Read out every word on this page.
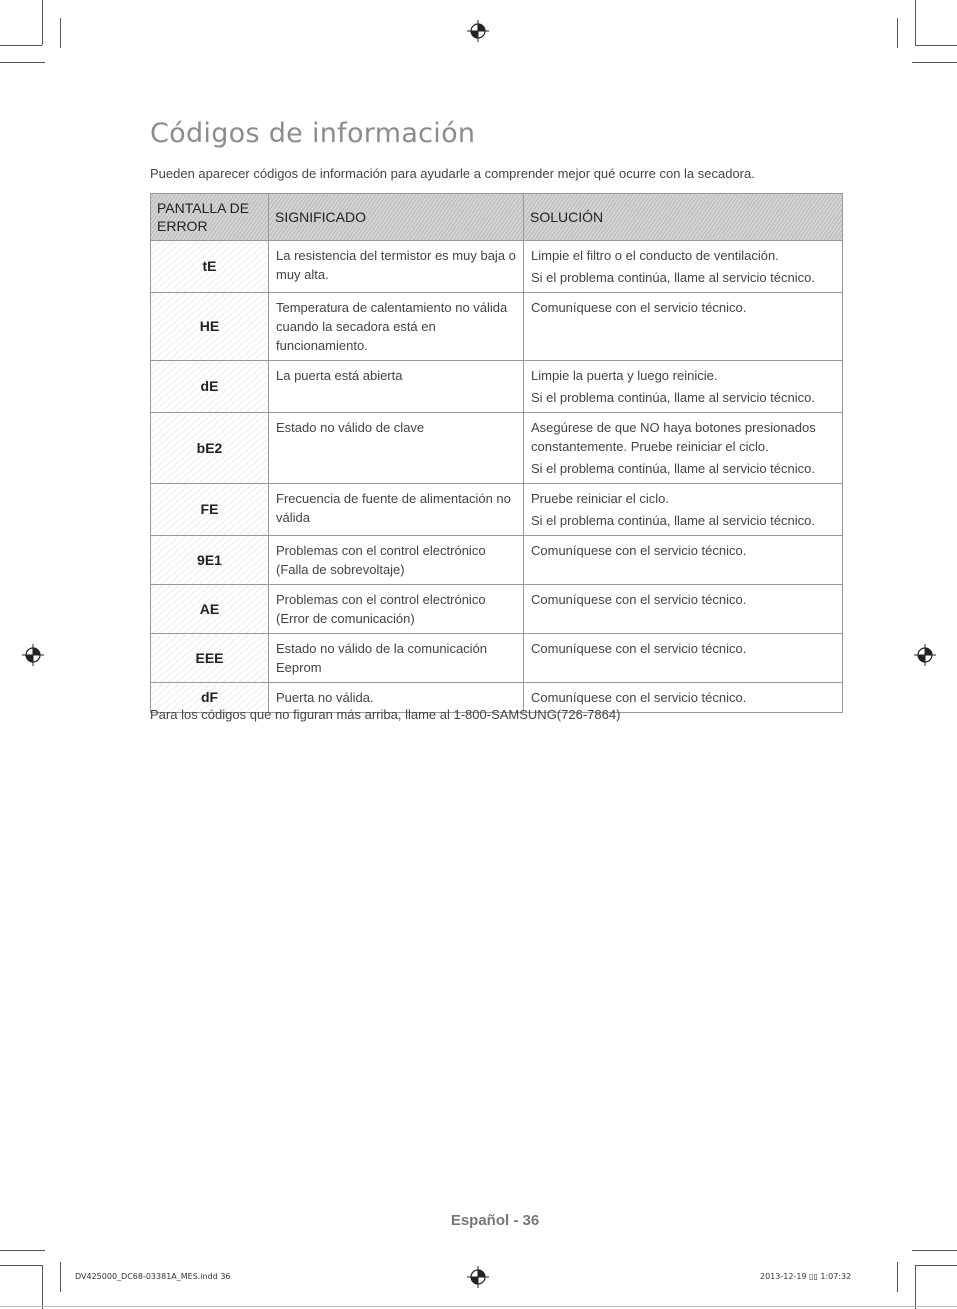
Códigos de información

Pueden aparecer códigos de información para ayudarle a comprender mejor qué ocurre con la secadora.

PANTALLA DE ERROR	SIGNIFICADO	SOLUCIÓN
tE	La resistencia del termistor es muy baja o muy alta.	Limpie el filtro o el conducto de ventilación.
Si el problema continúa, llame al servicio técnico.

HE	Temperatura de calentamiento no válida cuando la secadora está en funcionamiento.	Comuníquese con el servicio técnico.

dE	La puerta está abierta	Limpie la puerta y luego reinicie.
Si el problema continúa, llame al servicio técnico.

bE2	Estado no válido de clave	Asegúrese de que NO haya botones presionados constantemente. Pruebe reiniciar el ciclo.
Si el problema continúa, llame al servicio técnico.

FE	Frecuencia de fuente de alimentación no válida	Pruebe reiniciar el ciclo.
Si el problema continúa, llame al servicio técnico.

9E1	Problemas con el control electrónico (Falla de sobrevoltaje)	Comuníquese con el servicio técnico.

AE	Problemas con el control electrónico (Error de comunicación)	Comuníquese con el servicio técnico.

EEE	Estado no válido de la comunicación Eeprom	Comuníquese con el servicio técnico.

dF	Puerta no válida.	Comuníquese con el servicio técnico.

Para los códigos que no figuran más arriba, llame al 1-800-SAMSUNG(726-7864)

Español - 36
DV425000_DC68-03381A_MES.indd 36	2013-12-19 ▯▯ 1:07:32
